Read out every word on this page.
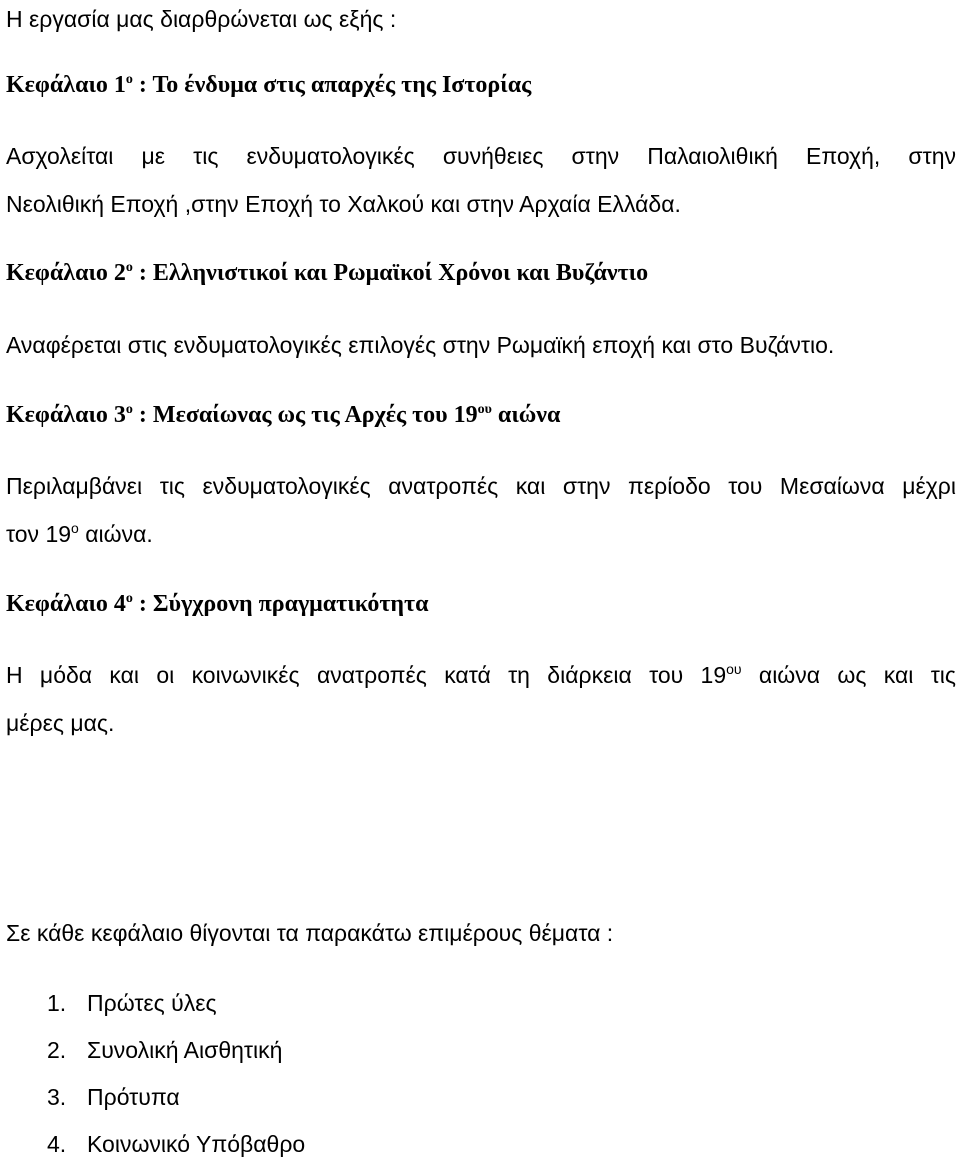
Η εργασία μας διαρθρώνεται ως εξής :
Κεφάλαιο $1^o$ : Το ένδυμα στις απαρχές της Ιστορίας
Ασχολείται με τις ενδυματολογικές συνήθειες στην Παλαιολιθική Εποχή, στην
Νεολιθική Εποχή ,στην Εποχή το Χαλκού και στην Αρχαία Ελλάδα.
Κεφάλαιο $2^o$ : Ελληνιστικοί και Ρωμαϊκοί Χρόνοι και Βυζάντιο
Αναφέρεται στις ενδυματολογικές επιλογές στην Ρωμαϊκή εποχή και στο Βυζάντιο.
Κεφάλαιο $3^o$ : Μεσαίωνας ως τις Αρχές του $19^{o\upsilon}$ αιώνα
Περιλαμβάνει τις ενδυματολογικές ανατροπές και στην περίοδο του Μεσαίωνα μέχρι
τον $19^o$ αιώνα.
Κεφάλαιο $4^o$ : Σύγχρονη πραγματικότητα
Η μόδα και οι κοινωνικές ανατροπές κατά τη διάρκεια του $19^{o\upsilon}$ αιώνα ως και τις
μέρες μας.
Σε κάθε κεφάλαιο θίγονται τα παρακάτω επιμέρους θέματα :
1. Πρώτες ύλες
2. Συνολική Αισθητική
3. Πρότυπα
4. Κοινωνικό Υπόβαθρο
